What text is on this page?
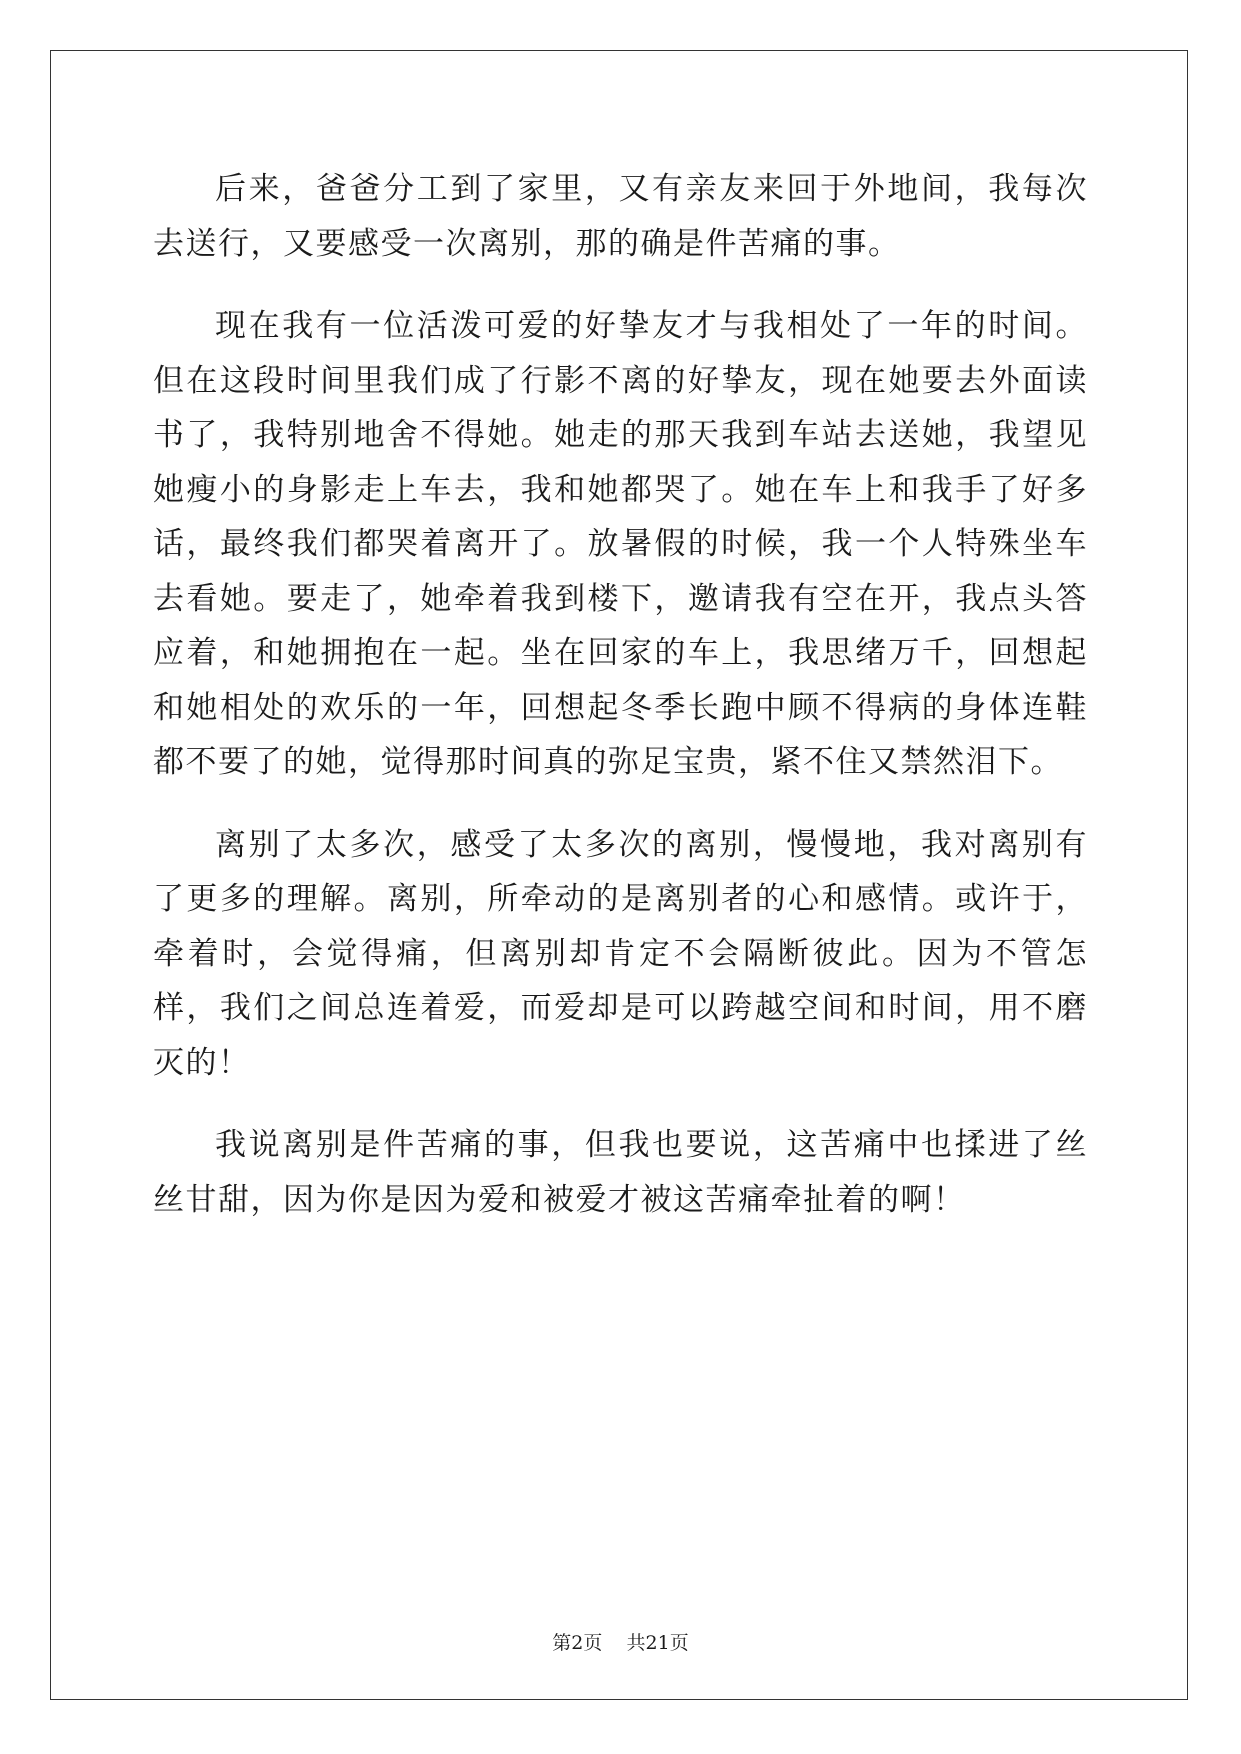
后来，爸爸分工到了家里，又有亲友来回于外地间，我每次去送行，又要感受一次离别，那的确是件苦痛的事。

现在我有一位活泼可爱的好挚友才与我相处了一年的时间。但在这段时间里我们成了行影不离的好挚友，现在她要去外面读书了，我特别地舍不得她。她走的那天我到车站去送她，我望见她瘦小的身影走上车去，我和她都哭了。她在车上和我手了好多话，最终我们都哭着离开了。放暑假的时候，我一个人特殊坐车去看她。要走了，她牵着我到楼下，邀请我有空在开，我点头答应着，和她拥抱在一起。坐在回家的车上，我思绪万千，回想起和她相处的欢乐的一年，回想起冬季长跑中顾不得病的身体连鞋都不要了的她，觉得那时间真的弥足宝贵，紧不住又禁然泪下。

离别了太多次，感受了太多次的离别，慢慢地，我对离别有了更多的理解。离别，所牵动的是离别者的心和感情。或许于，牵着时，会觉得痛，但离别却肯定不会隔断彼此。因为不管怎样，我们之间总连着爱，而爱却是可以跨越空间和时间，用不磨灭的！

我说离别是件苦痛的事，但我也要说，这苦痛中也揉进了丝丝甘甜，因为你是因为爱和被爱才被这苦痛牵扯着的啊！

第2页 共21页
